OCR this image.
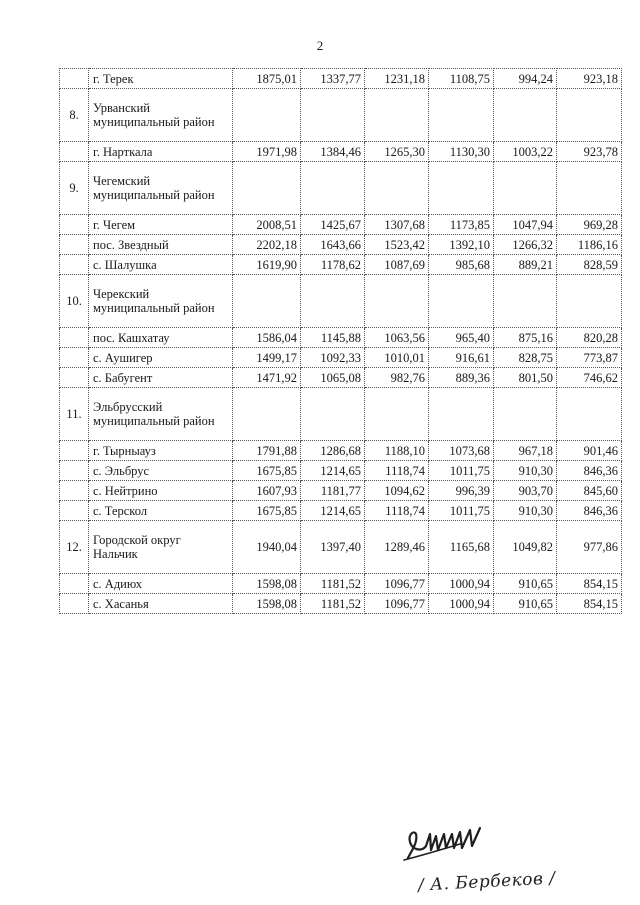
2
	г. Терек	1875,01	1337,77	1231,18	1108,75	994,24	923,18
8.	Урванский муниципальный район						
	г. Нарткала	1971,98	1384,46	1265,30	1130,30	1003,22	923,78
9.	Чегемский муниципальный район						
	г. Чегем	2008,51	1425,67	1307,68	1173,85	1047,94	969,28
	пос. Звездный	2202,18	1643,66	1523,42	1392,10	1266,32	1186,16
	с. Шалушка	1619,90	1178,62	1087,69	985,68	889,21	828,59
10.	Черекский муниципальный район						
	пос. Кашхатау	1586,04	1145,88	1063,56	965,40	875,16	820,28
	с. Аушигер	1499,17	1092,33	1010,01	916,61	828,75	773,87
	с. Бабугент	1471,92	1065,08	982,76	889,36	801,50	746,62
11.	Эльбрусский муниципальный район						
	г. Тырныауз	1791,88	1286,68	1188,10	1073,68	967,18	901,46
	с. Эльбрус	1675,85	1214,65	1118,74	1011,75	910,30	846,36
	с. Нейтрино	1607,93	1181,77	1094,62	996,39	903,70	845,60
	с. Терскол	1675,85	1214,65	1118,74	1011,75	910,30	846,36
12.	Городской округ Нальчик	1940,04	1397,40	1289,46	1165,68	1049,82	977,86
	с. Адиюх	1598,08	1181,52	1096,77	1000,94	910,65	854,15
	с. Хасанья	1598,08	1181,52	1096,77	1000,94	910,65	854,15
/ А. Бербеков /
